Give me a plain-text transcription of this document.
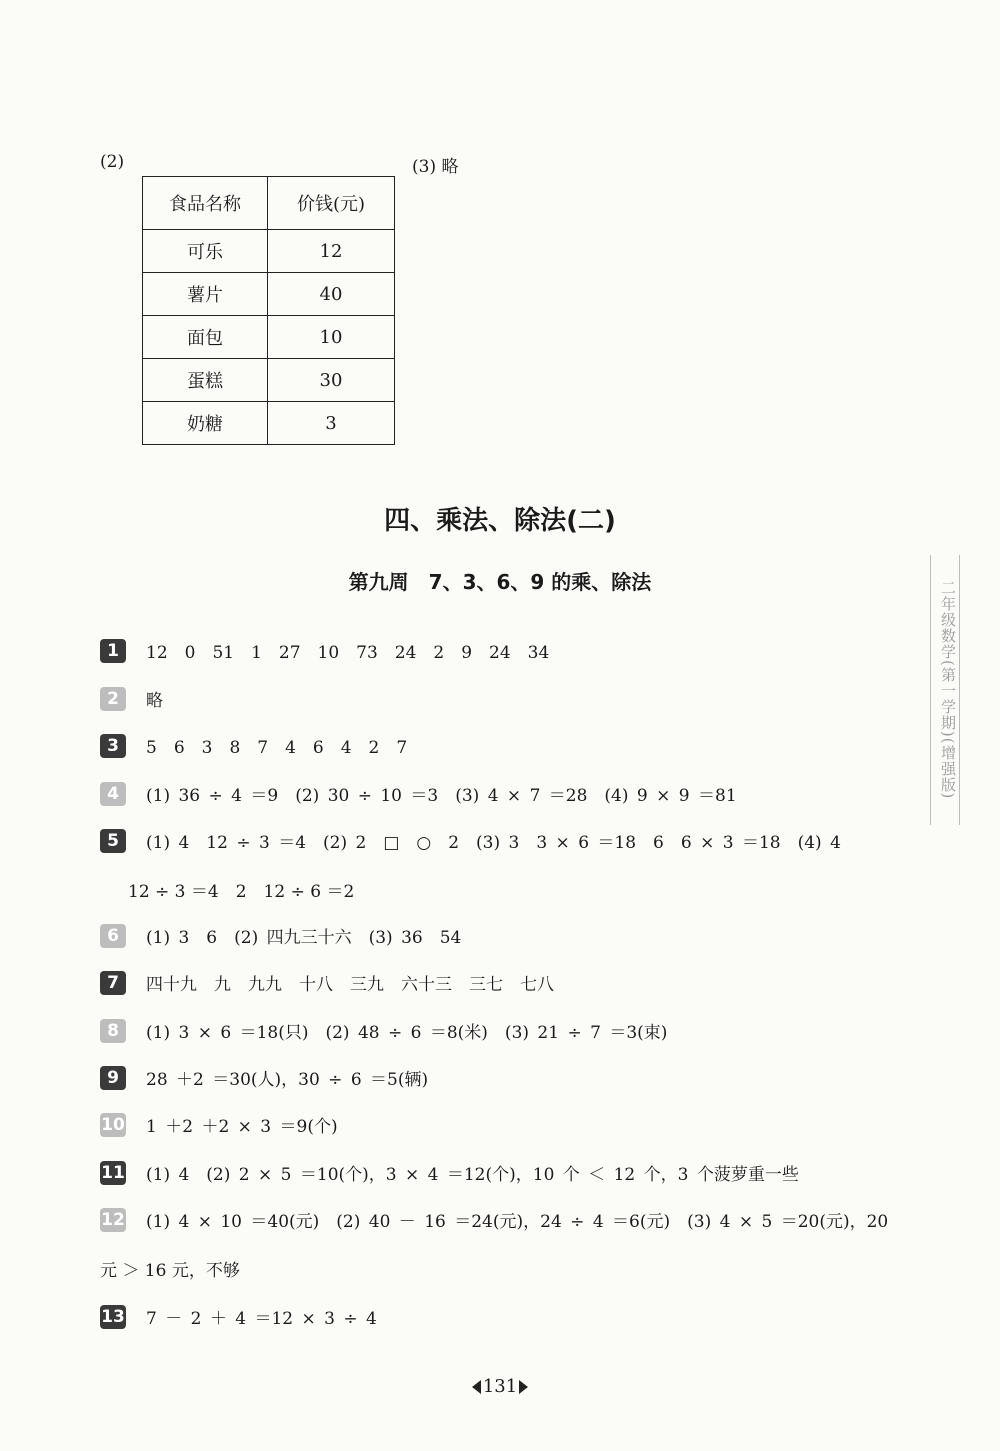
(2)	(3) 略
食品名称	价钱(元)
可乐	12
薯片	40
面包	10
蛋糕	30
奶糖	3
四、乘法、除法(二)
第九周　7、3、6、9 的乘、除法
1 12　0　51　1　27　10　73　24　2　9　24　34
2 略
3 5　6　3　8　7　4　6　4　2　7
4 (1) 36 ÷ 4 ＝9　(2) 30 ÷ 10 ＝3　(3) 4 × 7 ＝28　(4) 9 × 9 ＝81
5 (1) 4　12 ÷ 3 ＝4　(2) 2　□　○　2　(3) 3　3 × 6 ＝18　6　6 × 3 ＝18　(4) 4
12 ÷ 3 ＝4　2　12 ÷ 6 ＝2
6 (1) 3　6　(2) 四九三十六　(3) 36　54
7 四十九　九　九九　十八　三九　六十三　三七　七八
8 (1) 3 × 6 ＝18(只)　(2) 48 ÷ 6 ＝8(米)　(3) 21 ÷ 7 ＝3(束)
9 28 ＋2 ＝30(人)，30 ÷ 6 ＝5(辆)
10 1 ＋2 ＋2 × 3 ＝9(个)
11 (1) 4　(2) 2 × 5 ＝10(个)，3 × 4 ＝12(个)，10 个 ＜ 12 个，3 个菠萝重一些
12 (1) 4 × 10 ＝40(元)　(2) 40 － 16 ＝24(元)，24 ÷ 4 ＝6(元)　(3) 4 × 5 ＝20(元)，20
元 ＞ 16 元，不够
13 7 － 2 ＋ 4 ＝12 × 3 ÷ 4
二年级数学(第一学期)(增强版)
131
